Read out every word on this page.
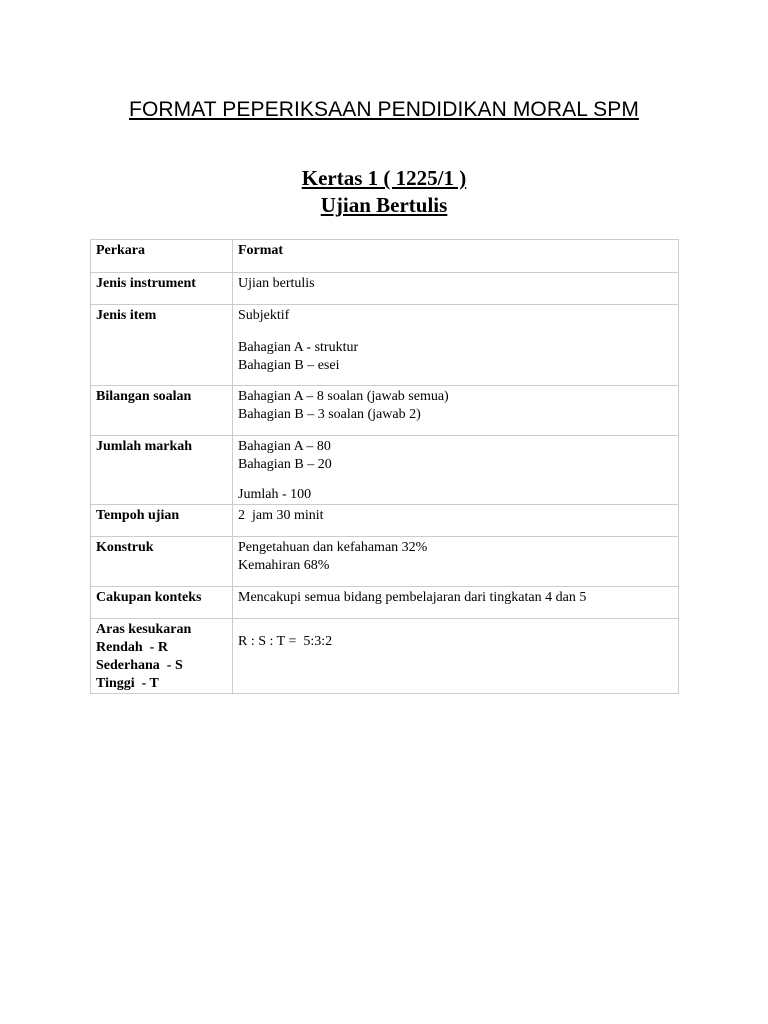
FORMAT PEPERIKSAAN PENDIDIKAN MORAL SPM
Kertas 1 ( 1225/1 )
Ujian Bertulis
Perkara	Format

Jenis instrument	Ujian bertulis

Jenis item	Subjektif
Bahagian A - struktur
Bahagian B – esei

Bilangan soalan	Bahagian A – 8 soalan (jawab semua)
Bahagian B – 3 soalan (jawab 2)

Jumlah markah	Bahagian A – 80
Bahagian B – 20
Jumlah - 100

Tempoh ujian	2  jam 30 minit

Konstruk	Pengetahuan dan kefahaman 32%
Kemahiran 68%

Cakupan konteks	Mencakupi semua bidang pembelajaran dari tingkatan 4 dan 5

Aras kesukaran
Rendah  - R
Sederhana  - S
Tinggi  - T	R : S : T =  5:3:2
